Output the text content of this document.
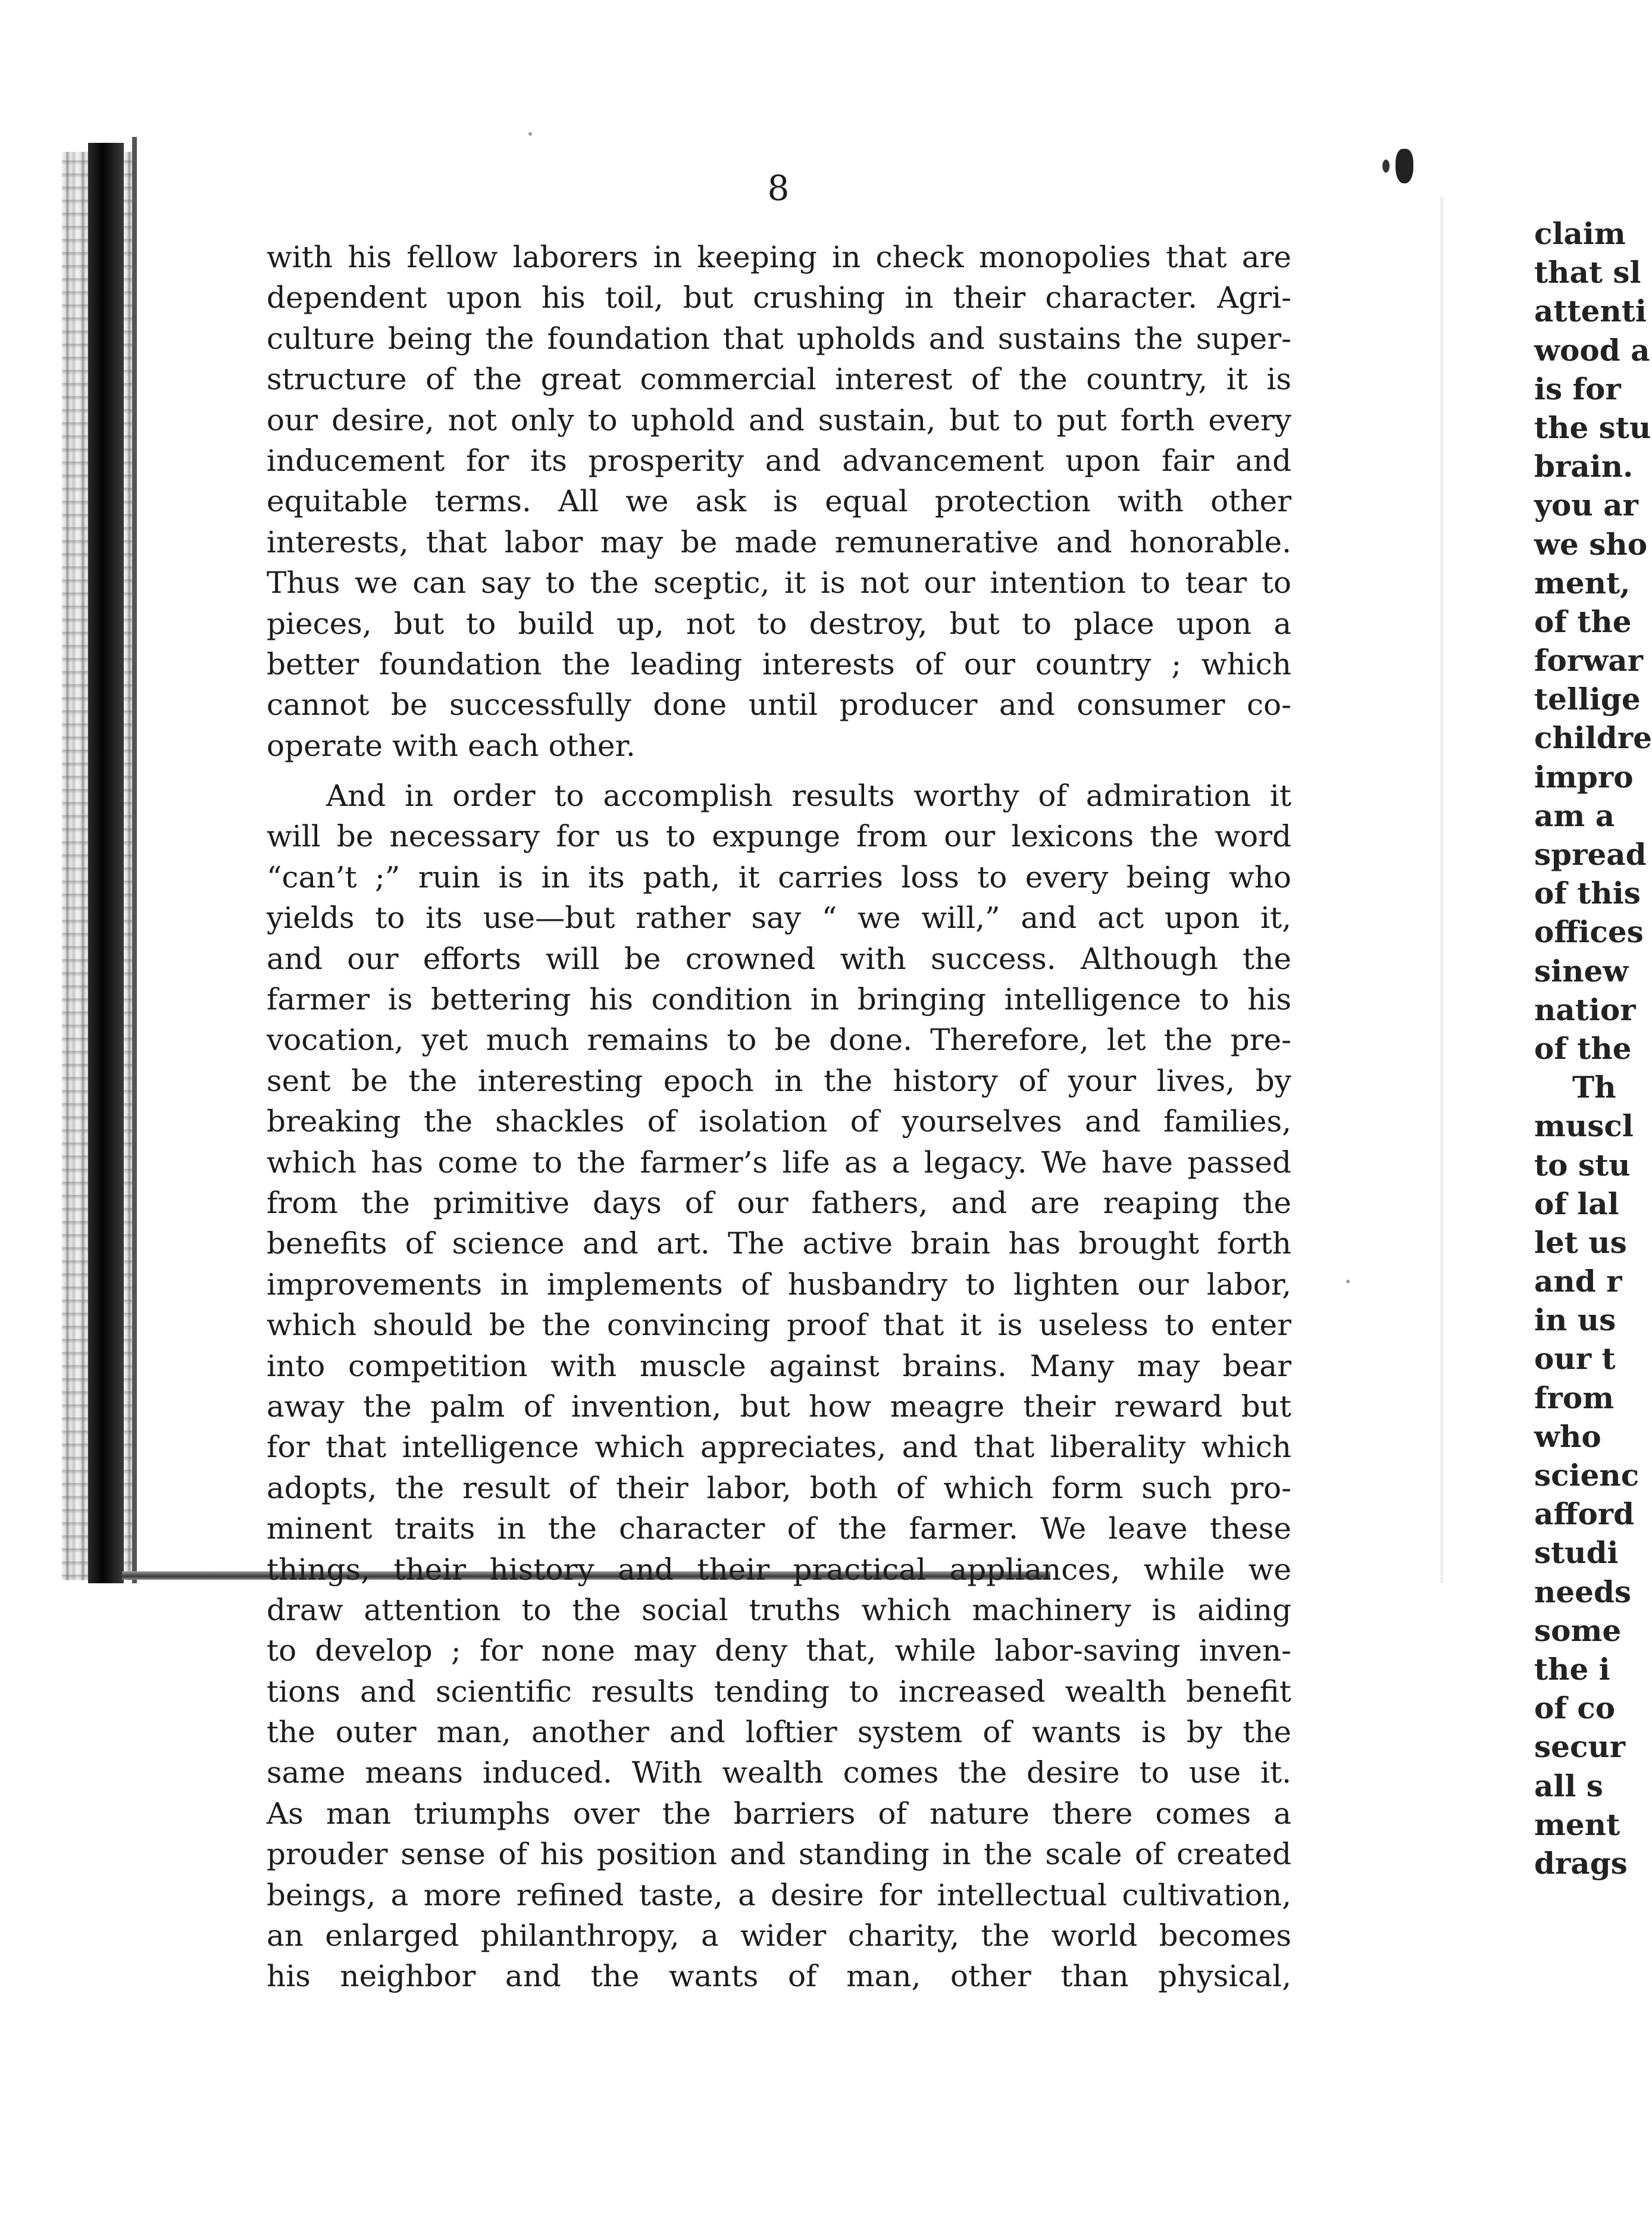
8
with his fellow laborers in keeping in check monopolies that are
dependent upon his toil, but crushing in their character. Agri-
culture being the foundation that upholds and sustains the super-
structure of the great commercial interest of the country, it is
our desire, not only to uphold and sustain, but to put forth every
inducement for its prosperity and advancement upon fair and
equitable terms. All we ask is equal protection with other
interests, that labor may be made remunerative and honorable.
Thus we can say to the sceptic, it is not our intention to tear to
pieces, but to build up, not to destroy, but to place upon a
better foundation the leading interests of our country ; which
cannot be successfully done until producer and consumer co-
operate with each other.
And in order to accomplish results worthy of admiration it
will be necessary for us to expunge from our lexicons the word
“can’t ;” ruin is in its path, it carries loss to every being who
yields to its use—but rather say “ we will,” and act upon it,
and our efforts will be crowned with success. Although the
farmer is bettering his condition in bringing intelligence to his
vocation, yet much remains to be done. Therefore, let the pre-
sent be the interesting epoch in the history of your lives, by
breaking the shackles of isolation of yourselves and families,
which has come to the farmer’s life as a legacy. We have passed
from the primitive days of our fathers, and are reaping the
benefits of science and art. The active brain has brought forth
improvements in implements of husbandry to lighten our labor,
which should be the convincing proof that it is useless to enter
into competition with muscle against brains. Many may bear
away the palm of invention, but how meagre their reward but
for that intelligence which appreciates, and that liberality which
adopts, the result of their labor, both of which form such pro-
minent traits in the character of the farmer. We leave these
things, their history and their practical appliances, while we
draw attention to the social truths which machinery is aiding
to develop ; for none may deny that, while labor-saving inven-
tions and scientific results tending to increased wealth benefit
the outer man, another and loftier system of wants is by the
same means induced. With wealth comes the desire to use it.
As man triumphs over the barriers of nature there comes a
prouder sense of his position and standing in the scale of created
beings, a more refined taste, a desire for intellectual cultivation,
an enlarged philanthropy, a wider charity, the world becomes
his neighbor and the wants of man, other than physical,
claim
that sl
attenti
wood a
is for
the stu
brain.
you ar
we sho
ment,
of the
forwar
tellige
childre
impro
am a
spread
of this
offices
sinew
natior
of the
Th
muscl
to stu
of lal
let us
and r
in us
our t
from
who
scienc
afford
studi
needs
some
the i
of co
secur
all s
ment
drags
